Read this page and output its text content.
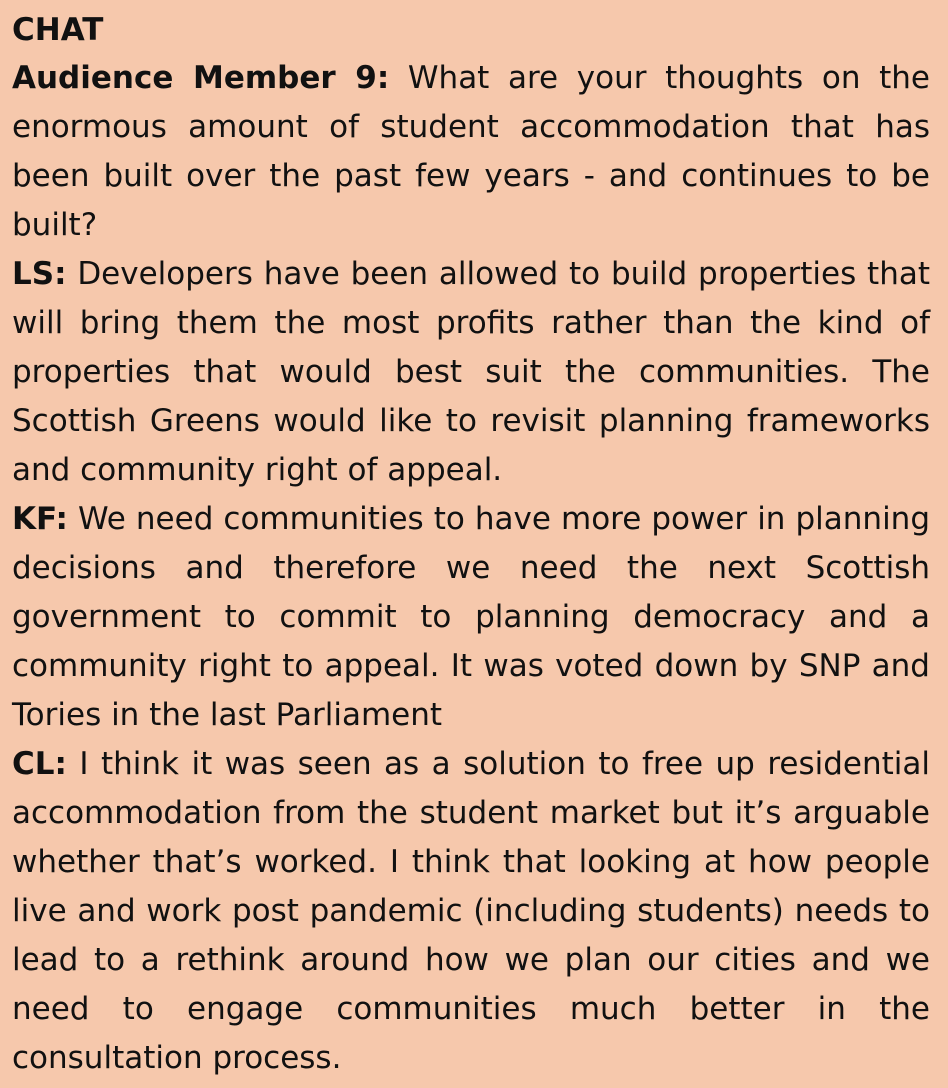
CHAT

Audience Member 9: What are your thoughts on the enormous amount of student accommodation that has been built over the past few years - and continues to be built?

LS: Developers have been allowed to build properties that will bring them the most profits rather than the kind of properties that would best suit the communities. The Scottish Greens would like to revisit planning frameworks and community right of appeal.

KF: We need communities to have more power in planning decisions and therefore we need the next Scottish government to commit to planning democracy and a community right to appeal. It was voted down by SNP and Tories in the last Parliament

CL: I think it was seen as a solution to free up residential accommodation from the student market but it’s arguable whether that’s worked. I think that looking at how people live and work post pandemic (including students) needs to lead to a rethink around how we plan our cities and we need to engage communities much better in the consultation process.
